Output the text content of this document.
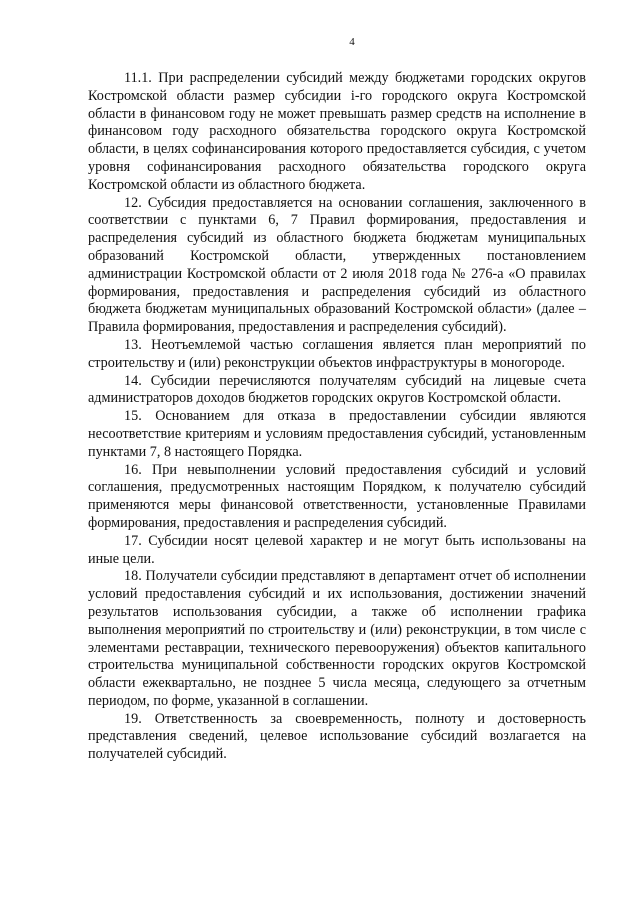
4

11.1. При распределении субсидий между бюджетами городских округов Костромской области размер субсидии i-го городского округа Костромской области в финансовом году не может превышать размер средств на исполнение в финансовом году расходного обязательства городского округа Костромской области, в целях софинансирования которого предоставляется субсидия, с учетом уровня софинансирования расходного обязательства городского округа Костромской области из областного бюджета.

12. Субсидия предоставляется на основании соглашения, заключенного в соответствии с пунктами 6, 7 Правил формирования, предоставления и распределения субсидий из областного бюджета бюджетам муниципальных образований Костромской области, утвержденных постановлением администрации Костромской области от 2 июля 2018 года № 276-а «О правилах формирования, предоставления и распределения субсидий из областного бюджета бюджетам муниципальных образований Костромской области» (далее – Правила формирования, предоставления и распределения субсидий).

13. Неотъемлемой частью соглашения является план мероприятий по строительству и (или) реконструкции объектов инфраструктуры в моногороде.

14. Субсидии перечисляются получателям субсидий на лицевые счета администраторов доходов бюджетов городских округов Костромской области.

15. Основанием для отказа в предоставлении субсидии являются несоответствие критериям и условиям предоставления субсидий, установленным пунктами 7, 8 настоящего Порядка.

16. При невыполнении условий предоставления субсидий и условий соглашения, предусмотренных настоящим Порядком, к получателю субсидий применяются меры финансовой ответственности, установленные Правилами формирования, предоставления и распределения субсидий.

17. Субсидии носят целевой характер и не могут быть использованы на иные цели.

18. Получатели субсидии представляют в департамент отчет об исполнении условий предоставления субсидий и их использования, достижении значений результатов использования субсидии, а также об исполнении графика выполнения мероприятий по строительству и (или) реконструкции, в том числе с элементами реставрации, технического перевооружения) объектов капитального строительства муниципальной собственности городских округов Костромской области ежеквартально, не позднее 5 числа месяца, следующего за отчетным периодом, по форме, указанной в соглашении.

19. Ответственность за своевременность, полноту и достоверность представления сведений, целевое использование субсидий возлагается на получателей субсидий.
